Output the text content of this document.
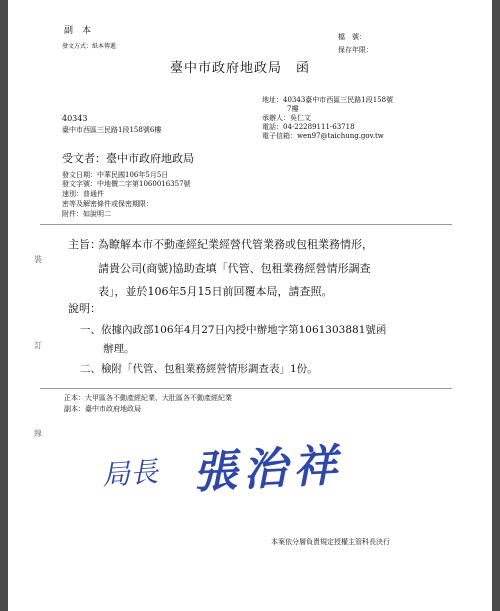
副　本
發文方式：紙本傳遞
檔　號：
保存年限：
臺中市政府地政局　函
地址：40343臺中市西區三民路1段158號
7樓
承辦人：吳仁文
電話：04-22289111-63718
電子信箱：wen97@taichung.gov.tw
40343
臺中市西區三民路1段158號6樓
受文者：臺中市政府地政局
發文日期：中華民國106年5月5日
發文字號：中地價二字第1060016357號
速別：普通件
密等及解密條件或保密期限：
附件：如說明二
主旨：
為瞭解本市不動產經紀業經營代管業務或包租業務情形，
請貴公司(商號)協助查填「代管、包租業務經營情形調查
表」，並於106年5月15日前回覆本局，請查照。
說明：
一、依據內政部106年4月27日內授中辦地字第1061303881號函
辦理。
二、檢附「代管、包租業務經營情形調查表」1份。
正本：大甲區各不動產經紀業、大肚區各不動產經紀業
副本：臺中市政府地政局
裝
訂
線
局長 張治祥
本案依分層負責規定授權主管科長決行
